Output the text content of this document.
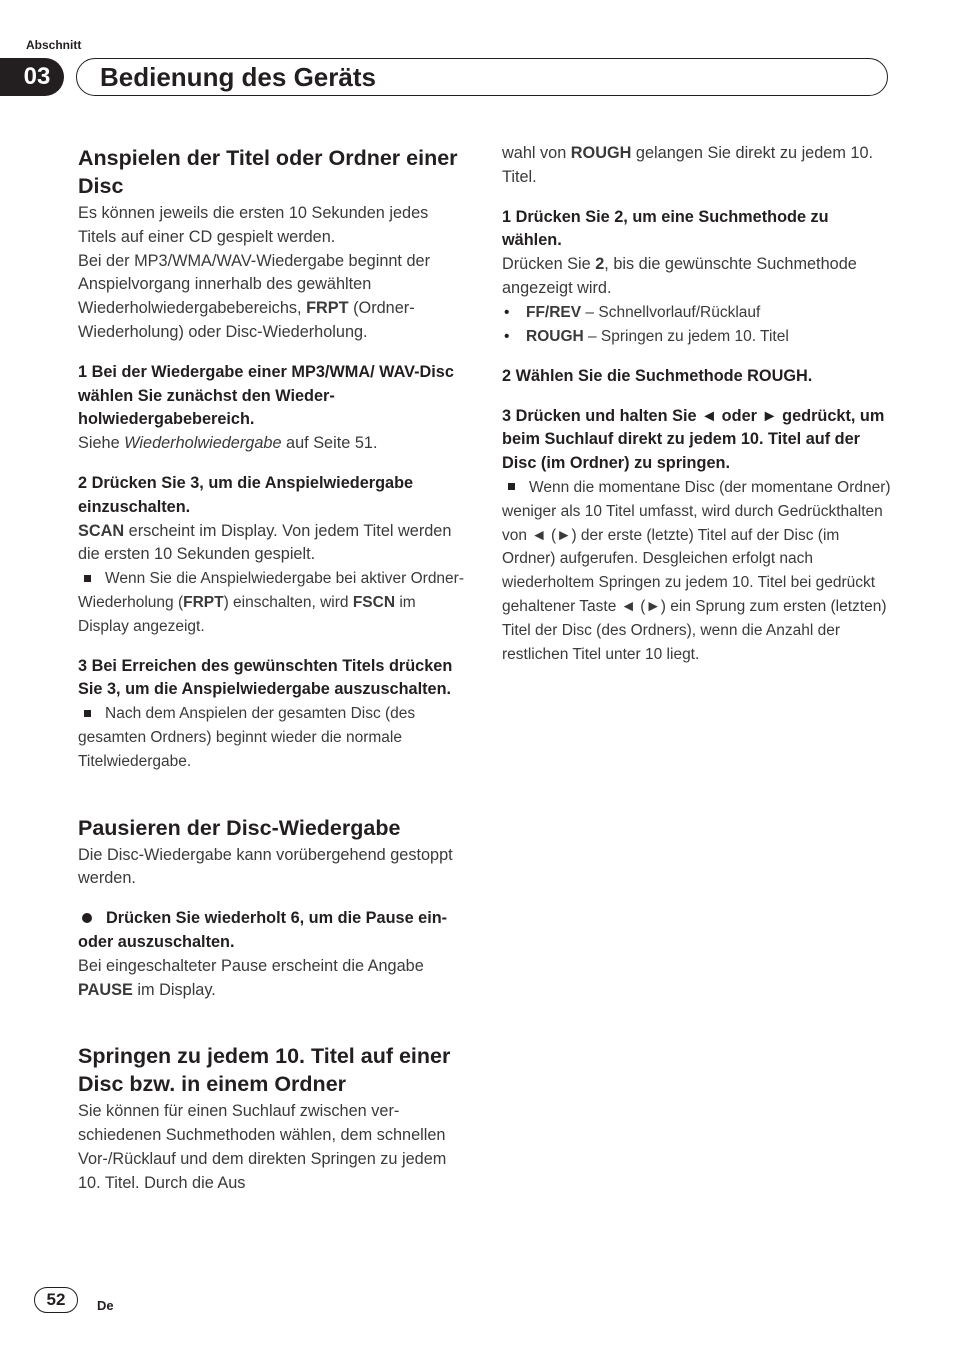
Abschnitt
03	Bedienung des Geräts
Anspielen der Titel oder Ordner einer Disc

Es können jeweils die ersten 10 Sekunden jedes Titels auf einer CD gespielt werden.

Bei der MP3/WMA/WAV-Wiedergabe beginnt der Anspielvorgang innerhalb des gewählten Wiederholwiedergabebereichs, FRPT (Ordner-Wiederholung) oder Disc-Wiederholung.

1 Bei der Wiedergabe einer MP3/WMA/ WAV-Disc wählen Sie zunächst den Wiederholwiedergabebereich.

Siehe Wiederholwiedergabe auf Seite 51.

2 Drücken Sie 3, um die Anspielwiedergabe einzuschalten.

SCAN erscheint im Display. Von jedem Titel werden die ersten 10 Sekunden gespielt.

Wenn Sie die Anspielwiedergabe bei aktiver Ordner-Wiederholung (FRPT) einschalten, wird FSCN im Display angezeigt.

3 Bei Erreichen des gewünschten Titels drücken Sie 3, um die Anspielwiedergabe auszuschalten.

Nach dem Anspielen der gesamten Disc (des gesamten Ordners) beginnt wieder die normale Titelwiedergabe.

Pausieren der Disc-Wiedergabe

Die Disc-Wiedergabe kann vorübergehend gestoppt werden.

Drücken Sie wiederholt 6, um die Pause ein- oder auszuschalten.

Bei eingeschalteter Pause erscheint die Angabe PAUSE im Display.

Springen zu jedem 10. Titel auf einer Disc bzw. in einem Ordner

Sie können für einen Suchlauf zwischen verschiedenen Suchmethoden wählen, dem schnellen Vor-/Rücklauf und dem direkten Springen zu jedem 10. Titel. Durch die Aus

wahl von ROUGH gelangen Sie direkt zu jedem 10. Titel.

1 Drücken Sie 2, um eine Suchmethode zu wählen.

Drücken Sie 2, bis die gewünschte Suchmethode angezeigt wird.

• FF/REV – Schnellvorlauf/Rücklauf
• ROUGH – Springen zu jedem 10. Titel

2 Wählen Sie die Suchmethode ROUGH.

3 Drücken und halten Sie ◄ oder ► gedrückt, um beim Suchlauf direkt zu jedem 10. Titel auf der Disc (im Ordner) zu springen.

Wenn die momentane Disc (der momentane Ordner) weniger als 10 Titel umfasst, wird durch Gedrückthalten von ◄ (►) der erste (letzte) Titel auf der Disc (im Ordner) aufgerufen. Desgleichen erfolgt nach wiederholtem Springen zu jedem 10. Titel bei gedrückt gehaltener Taste ◄ (►) ein Sprung zum ersten (letzten) Titel der Disc (des Ordners), wenn die Anzahl der restlichen Titel unter 10 liegt.

52	De
